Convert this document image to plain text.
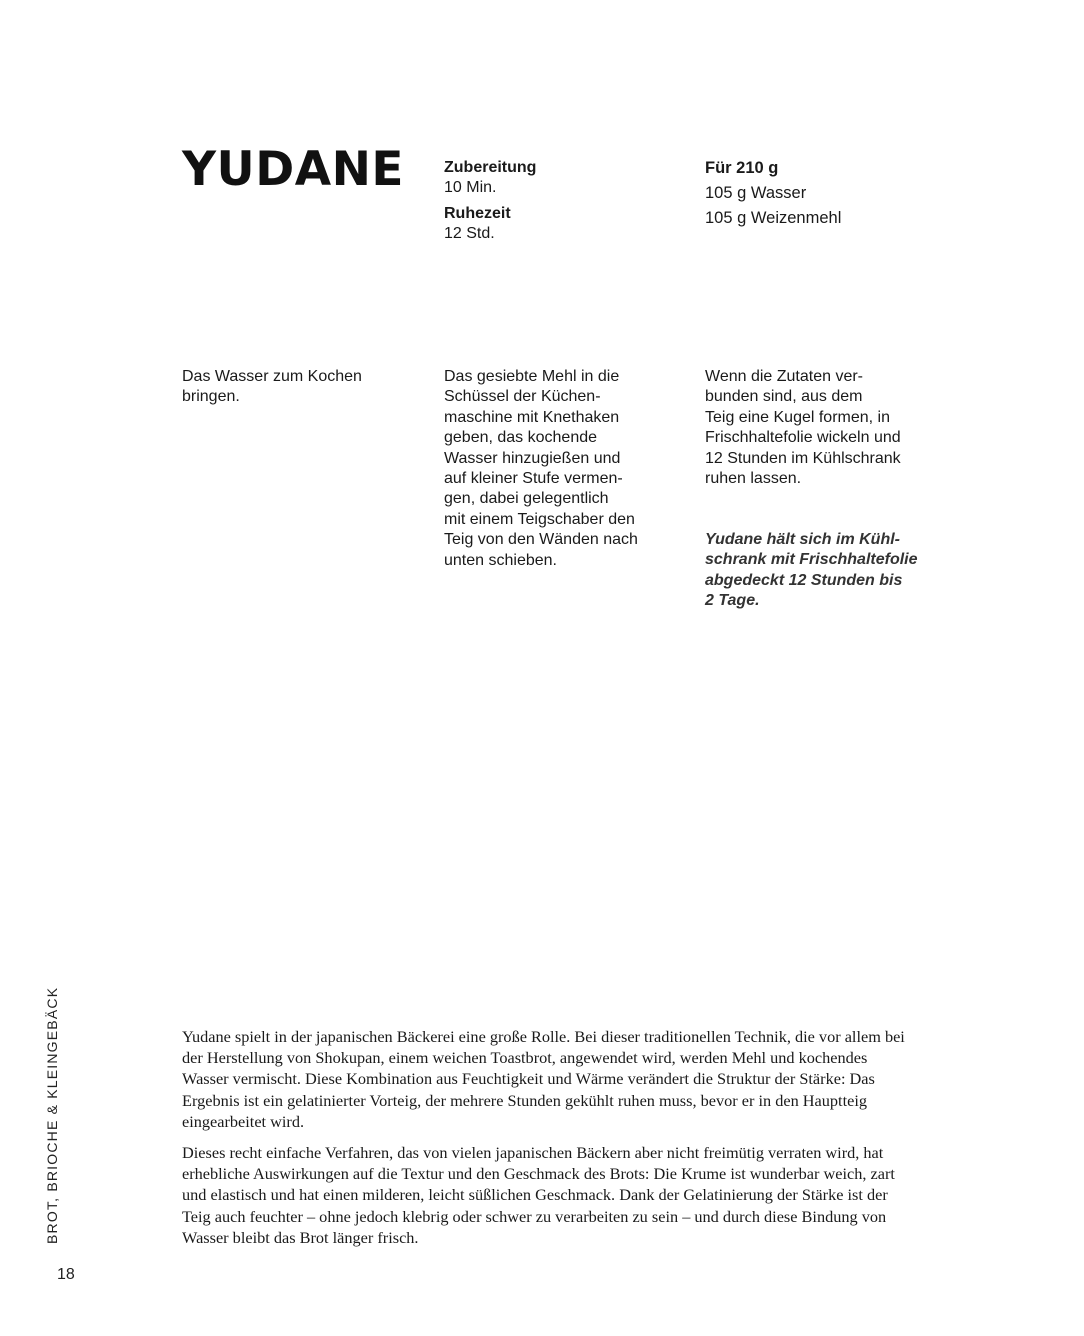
YUDANE Zubereitung
10 Min.
Ruhezeit
12 Std.
Für 210 g
105 g Wasser
105 g Weizenmehl
Das Wasser zum Kochen
bringen.
Das gesiebte Mehl in die
Schüssel der Küchen-
maschine mit Knethaken
geben, das kochende
Wasser hinzugießen und
auf kleiner Stufe vermen-
gen, dabei gelegentlich
mit einem Teigschaber den
Teig von den Wänden nach
unten schieben.
Wenn die Zutaten ver-
bunden sind, aus dem
Teig eine Kugel formen, in
Frischhaltefolie wickeln und
12 Stunden im Kühlschrank
ruhen lassen.
Yudane hält sich im Kühl-
schrank mit Frischhaltefolie
abgedeckt 12 Stunden bis
2 Tage.

Yudane spielt in der japanischen Bäckerei eine große Rolle. Bei dieser traditionellen Technik, die vor allem bei der Herstellung von Shokupan, einem weichen Toastbrot, angewendet wird, werden Mehl und kochendes Wasser vermischt. Diese Kombination aus Feuchtigkeit und Wärme verändert die Struktur der Stärke: Das Ergebnis ist ein gelatinierter Vorteig, der mehrere Stunden gekühlt ruhen muss, bevor er in den Hauptteig eingearbeitet wird.

Dieses recht einfache Verfahren, das von vielen japanischen Bäckern aber nicht freimütig verraten wird, hat erhebliche Auswirkungen auf die Textur und den Geschmack des Brots: Die Krume ist wunderbar weich, zart und elastisch und hat einen milderen, leicht süßlichen Geschmack. Dank der Gelatinierung der Stärke ist der Teig auch feuchter – ohne jedoch klebrig oder schwer zu verarbeiten zu sein – und durch diese Bindung von Wasser bleibt das Brot länger frisch.

BROT, BRIOCHE & KLEINGEBÄCK
18
